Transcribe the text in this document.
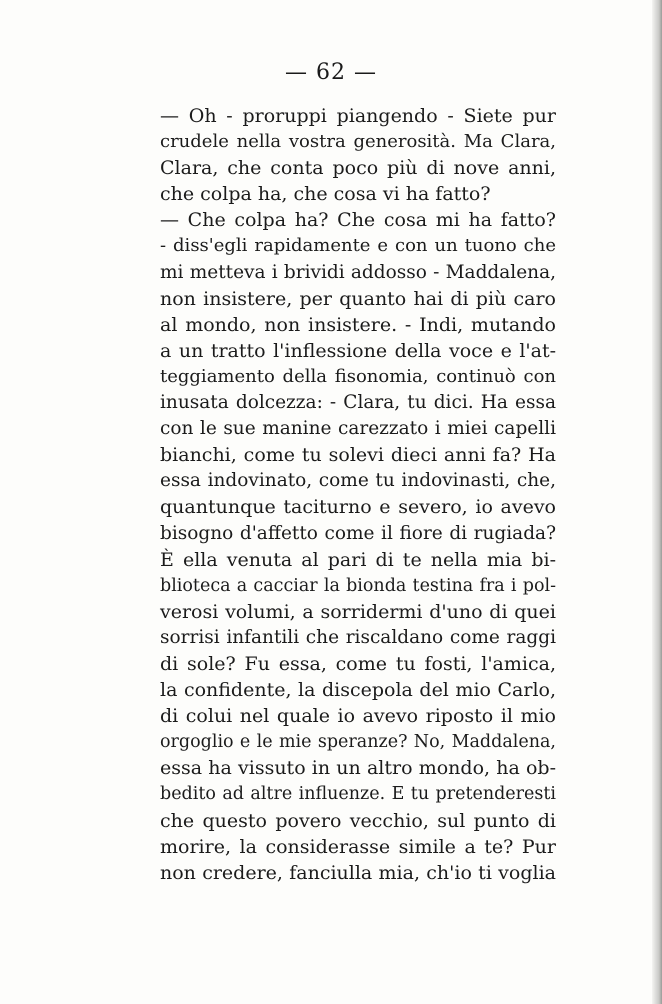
— 62 —
— Oh - proruppi piangendo - Siete pur
crudele nella vostra generosità. Ma Clara,
Clara, che conta poco più di nove anni,
che colpa ha, che cosa vi ha fatto?
— Che colpa ha? Che cosa mi ha fatto?
- diss'egli rapidamente e con un tuono che
mi metteva i brividi addosso - Maddalena,
non insistere, per quanto hai di più caro
al mondo, non insistere. - Indi, mutando
a un tratto l'inflessione della voce e l'at-
teggiamento della fisonomia, continuò con
inusata dolcezza: - Clara, tu dici. Ha essa
con le sue manine carezzato i miei capelli
bianchi, come tu solevi dieci anni fa? Ha
essa indovinato, come tu indovinasti, che,
quantunque taciturno e severo, io avevo
bisogno d'affetto come il fiore di rugiada?
È ella venuta al pari di te nella mia bi-
blioteca a cacciar la bionda testina fra i pol-
verosi volumi, a sorridermi d'uno di quei
sorrisi infantili che riscaldano come raggi
di sole? Fu essa, come tu fosti, l'amica,
la confidente, la discepola del mio Carlo,
di colui nel quale io avevo riposto il mio
orgoglio e le mie speranze? No, Maddalena,
essa ha vissuto in un altro mondo, ha ob-
bedito ad altre influenze. E tu pretenderesti
che questo povero vecchio, sul punto di
morire, la considerasse simile a te? Pur
non credere, fanciulla mia, ch'io ti voglia
